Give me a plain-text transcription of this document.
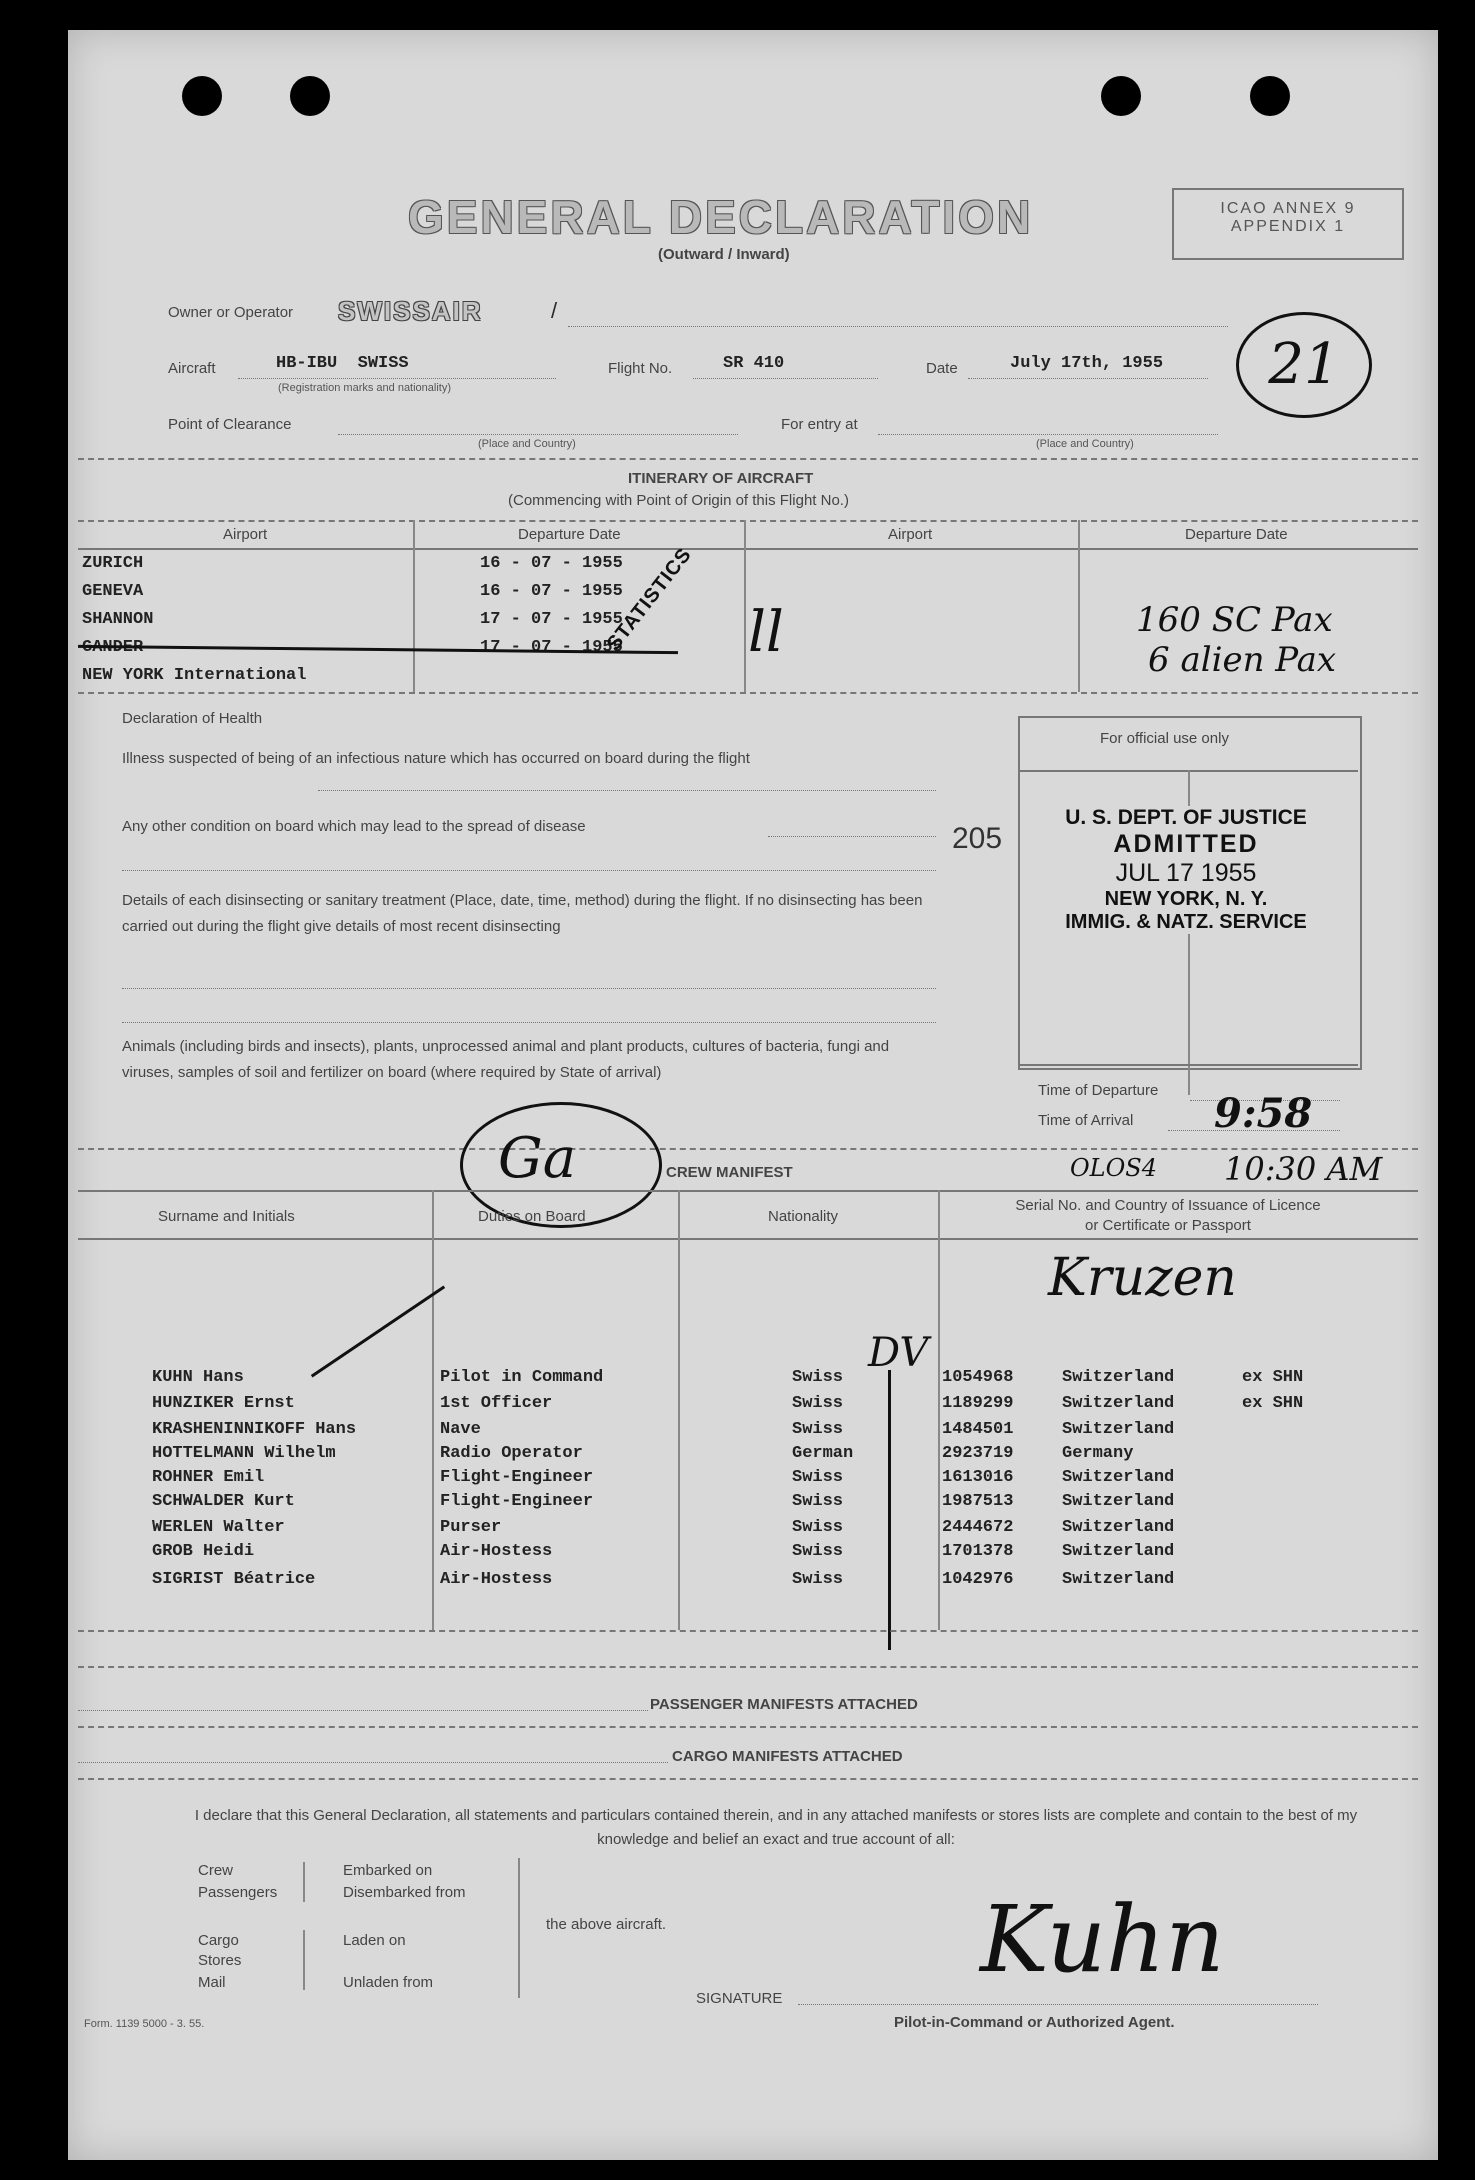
GENERAL DECLARATION
(Outward / Inward)
ICAO ANNEX 9
APPENDIX 1
21
Owner or Operator SWISSAIR	/
Aircraft	HB-IBU  SWISS
(Registration marks and nationality)
Flight No.	SR 410	Date	July 17th, 1955
Point of Clearance
(Place and Country)
For entry at
(Place and Country)
ITINERARY OF AIRCRAFT
(Commencing with Point of Origin of this Flight No.)
Airport	Departure Date	Airport	Departure Date
ZURICH	16 - 07 - 1955
GENEVA	16 - 07 - 1955
SHANNON	17 - 07 - 1955
GANDER	17 - 07 - 1955
NEW YORK International
STATISTICS ll	160 SC Pax
6 alien Pax
Declaration of Health
Illness suspected of being of an infectious nature which has occurred on board during the flight
Any other condition on board which may lead to the spread of disease
Details of each disinsecting or sanitary treatment (Place, date, time, method) during the flight. If no disinsecting has been carried out during the flight give details of most recent disinsecting
Animals (including birds and insects), plants, unprocessed animal and plant products, cultures of bacteria, fungi and viruses, samples of soil and fertilizer on board (where required by State of arrival)
For official use only
205
U. S. DEPT. OF JUSTICE
ADMITTED
JUL 17 1955
NEW YORK, N. Y.
IMMIG. & NATZ. SERVICE
Time of Departure
Time of Arrival 9:58
OLOS4 10:30 AM
Ga	CREW MANIFEST
Surname and Initials	Duties on Board	Nationality
Serial No. and Country of Issuance of Licence or Certificate or Passport
Kruzen
DV
KUHN Hans	Pilot in Command	Swiss	1054968	Switzerland	ex SHN
HUNZIKER Ernst	1st Officer	Swiss	1189299	Switzerland	ex SHN
KRASHENINNIKOFF Hans	Nave	Swiss	1484501	Switzerland
HOTTELMANN Wilhelm	Radio Operator	German	2923719	Germany
ROHNER Emil	Flight-Engineer	Swiss	1613016	Switzerland
SCHWALDER Kurt	Flight-Engineer	Swiss	1987513	Switzerland
WERLEN Walter	Purser	Swiss	2444672	Switzerland
GROB Heidi	Air-Hostess	Swiss	1701378	Switzerland
SIGRIST Béatrice	Air-Hostess	Swiss	1042976	Switzerland
PASSENGER MANIFESTS ATTACHED
CARGO MANIFESTS ATTACHED
I declare that this General Declaration, all statements and particulars contained therein, and in any attached manifests or stores lists are complete and contain to the best of my knowledge and belief an exact and true account of all:
Crew
Passengers
Cargo
Stores
Mail
Embarked on
Disembarked from
Laden on
Unladen from
the above aircraft.
SIGNATURE
Kuhn
Pilot-in-Command or Authorized Agent.
Form. 1139 5000 - 3. 55.
